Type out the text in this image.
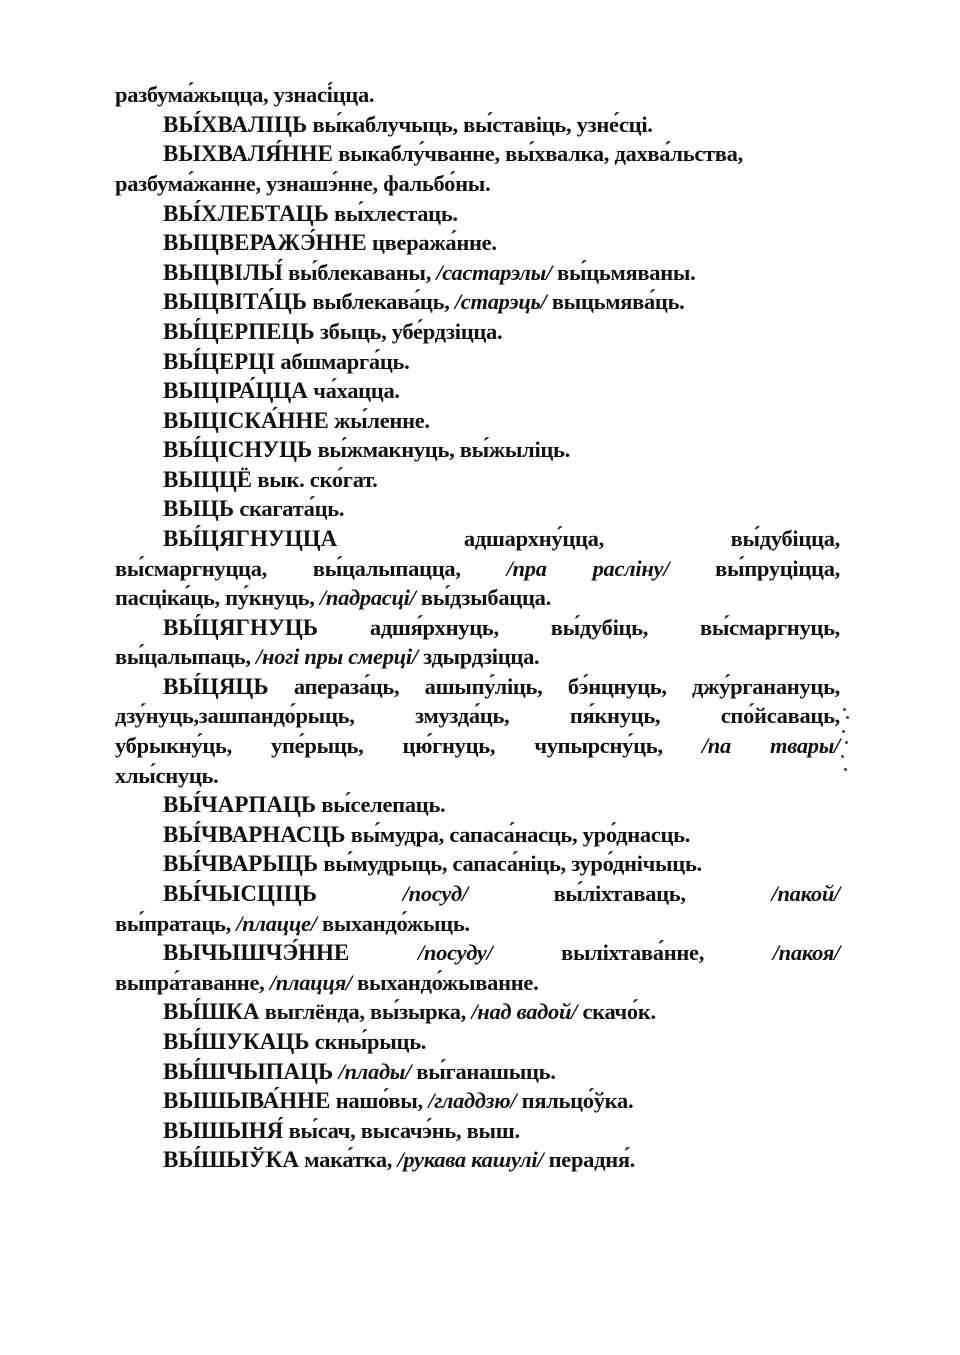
разбума́жыцца, узнасі́цца.
ВЫ́ХВАЛІЦЬ вы́каблучыць, вы́ставіць, узне́сці.
ВЫХВАЛЯ́ННЕ выкаблу́чванне, вы́хвалка, дахва́льства,
разбума́жанне, узнашэ́нне, фальбо́ны.
ВЫ́ХЛЕБТАЦЬ вы́хлестаць.
ВЫЦВЕРАЖЭ́ННЕ цвеража́нне.
ВЫЦВІЛЫ́ вы́блекаваны, /састарэлы/ вы́цьмяваны.
ВЫЦВІТА́ЦЬ выблекава́ць, /старэць/ выцьмява́ць.
ВЫ́ЦЕРПЕЦЬ збыць, убе́рдзіцца.
ВЫ́ЦЕРЦІ абшмарга́ць.
ВЫЦІРА́ЦЦА ча́хацца.
ВЫЦІСКА́ННЕ жы́ленне.
ВЫ́ЦІСНУЦЬ вы́жмакнуць, вы́жыліць.
ВЫЦЦЁ вык. ско́гат.
ВЫЦЬ скагата́ць.
ВЫ́ЦЯГНУЦЦА адшархну́цца, вы́дубіцца,
вы́смаргнуцца, вы́цалыпацца, /пра расліну/ вы́пруціцца,
пасціка́ць, пу́кнуць, /падрасці/ вы́дзыбацца.
ВЫ́ЦЯГНУЦЬ адшя́рхнуць, вы́дубіць, вы́смаргнуць,
вы́цалыпаць, /ногі пры смерці/ здырдзіцца.
ВЫ́ЦЯЦЬ апераза́ць, ашыпу́ліць, бэ́нцнуць, джу́рганануць,
дзу́нуць,зашпандо́рыць, змузда́ць, пя́кнуць, спо́йсаваць,
убрыкну́ць, упе́рыць, цю́гнуць, чупырсну́ць, /па твары/
хлы́снуць.
ВЫ́ЧАРПАЦЬ вы́селепаць.
ВЫ́ЧВАРНАСЦЬ вы́мудра, сапаса́насць, уро́днасць.
ВЫ́ЧВАРЫЦЬ вы́мудрыць, сапаса́ніць, зуро́днічыць.
ВЫ́ЧЫСЦІЦЬ	/посуд/ вы́ліхтаваць, /пакой/
вы́пратаць, /плацце/ выхандо́жыць.
ВЫЧЫШЧЭ́ННЕ	/посуду/ выліхтава́нне, /пакоя/
выпра́таванне, /плацця/ выхандо́жыванне.
ВЫ́ШКА выглёнда, вы́зырка, /над вадой/ скачо́к.
ВЫ́ШУКАЦЬ скны́рыць.
ВЫ́ШЧЫПАЦЬ /плады/ вы́ганашыць.
ВЫШЫВА́ННЕ нашо́вы, /гладдзю/ пяльцо́ўка.
ВЫШЫНЯ́ вы́сач, высачэ́нь, выш.
ВЫ́ШЫЎКА мака́тка, /рукава кашулі/ перадня́.
